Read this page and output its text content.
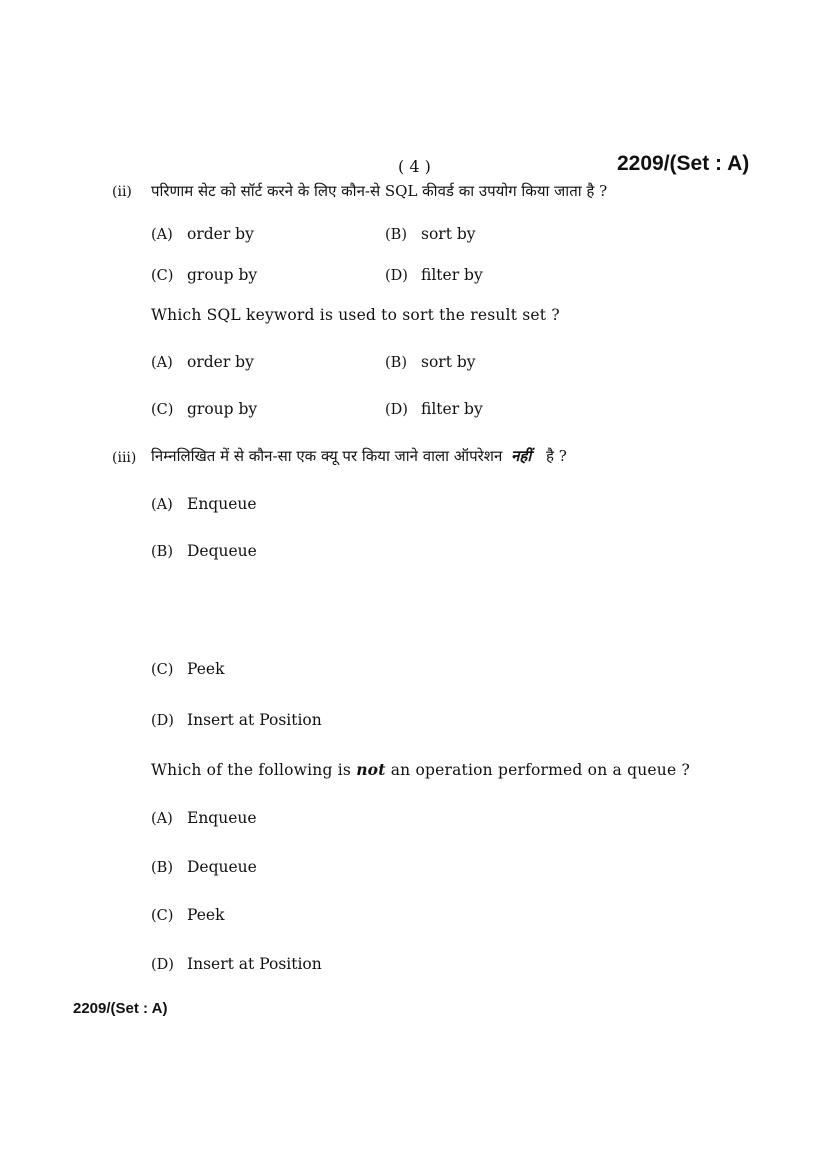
( 4 )	2209/(Set : A)
(ii) परिणाम सेट को सॉर्ट करने के लिए कौन-से SQL कीवर्ड का उपयोग किया जाता है ?
(A) order by	(B) sort by
(C) group by	(D) filter by
Which SQL keyword is used to sort the result set ?
(A) order by	(B) sort by
(C) group by	(D) filter by
(iii) निम्नलिखित में से कौन-सा एक क्यू पर किया जाने वाला ऑपरेशन नहीं है ?
(A) Enqueue
(B) Dequeue
(C) Peek
(D) Insert at Position
Which of the following is not an operation performed on a queue ?
(A) Enqueue
(B) Dequeue
(C) Peek
(D) Insert at Position
2209/(Set : A)
